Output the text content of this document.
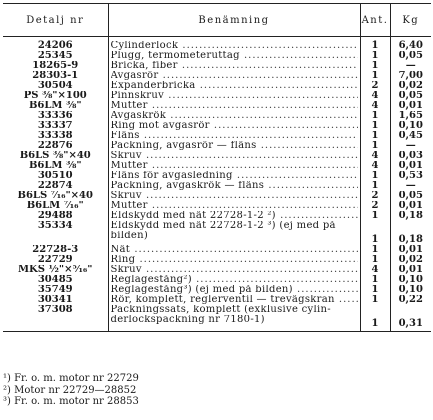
Detalj nr	Benämning	Ant.	Kg
24206	Cylinderlock .....	1	6,40
25345	Plugg, termometeruttag .....	1	0,05
18265-9	Bricka, fiber .....	1	—
28303-1	Avgasrör .....	1	7,00
30504	Expanderbricka .....	2	0,02
PS ⅜"×100	Pinnskruv .....	4	0,05
B6LM ⅜"	Mutter .....	4	0,01
33336	Avgaskrök .....	1	1,65
33337	Ring mot avgasrör .....	1	0,10
33338	Fläns .....	1	0,45
22876	Packning, avgasrör — fläns .....	1	—
B6LS ⅜"×40	Skruv .....	4	0,03
B6LM ⅜"	Mutter .....	4	0,01
30510	Fläns för avgasledning .....	1	0,53
22874	Packning, avgaskrök — fläns .....	1	—
B6LS ⁷⁄₁₆"×40	Skruv .....	2	0,05
B6LM ⁷⁄₁₆"	Mutter .....	2	0,01
29488	Eldskydd med nät 22728-1-2 ²) .....	1	0,18
35334	Eldskydd med nät 22728-1-2 ³) (ej med på
bilden)	1	0,18
22728-3	Nät .....	1	0,01
22729	Ring .....	1	0,02
MKS ½"×⁵⁄₁₆"	Skruv .....	4	0,01
30485	Reglagestång²) .....	1	0,10
35749	Reglagestång³) (ej med på bilden) .....	1	0,10
30341	Rör, komplett, reglerventil — trevägskran .....	1	0,22
37308	Packningssats, komplett (exklusive cylin-
derlockspackning nr 7180-1)	1	0,31
¹) Fr. o. m. motor nr 22729
²) Motor nr 22729—28852
³) Fr. o. m. motor nr 28853
